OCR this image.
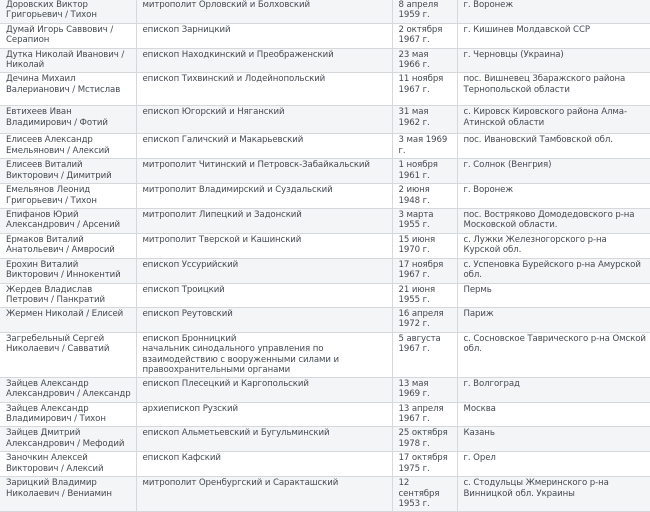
Доровских Виктор Григорьевич / Тихон	митрополит Орловский и Болховский	8 апреля 1959 г.	г. Воронеж

Думай Игорь Саввович / Серапион	епископ Зарницкий	2 октября 1967 г.	г. Кишинев Молдавской ССР

Дутка Николай Иванович / Николай	епископ Находкинский и Преображенский	23 мая 1966 г.	г. Черновцы (Украина)

Дечина Михаил Валерианович / Мстислав	епископ Тихвинский и Лодейнопольский	11 ноября 1967 г.	пос. Вишневец Збаражского района Тернопольской области

Евтихеев Иван Владимирович / Фотий	епископ Югорский и Няганский	31 мая 1962 г.	с. Кировск Кировского района Алма-Атинской области

Елисеев Александр Емельянович / Алексий	епископ Галичский и Макарьевский	3 мая 1969 г.	пос. Ивановский Тамбовской обл.

Елисеев Виталий Викторович / Димитрий	митрополит Читинский и Петровск-Забайкальский	1 ноября 1961 г.	г. Солнок (Венгрия)

Емельянов Леонид Григорьевич / Тихон	митрополит Владимирский и Суздальский	2 июня 1948 г.	г. Воронеж

Епифанов Юрий Александрович / Арсений	митрополит Липецкий и Задонский	3 марта 1955 г.	пос. Востряково Домодедовского р-на Московской области.

Ермаков Виталий Анатольевич / Амвросий	митрополит Тверской и Кашинский	15 июня 1970 г.	с. Лужки Железногорского р-на Курской обл.

Ерохин Виталий Викторович / Иннокентий	епископ Уссурийский	17 ноября 1967 г.	с. Успеновка Бурейского р-на Амурской обл.

Жердев Владислав Петрович / Панкратий	епископ Троицкий	21 июня 1955 г.	Пермь

Жермен Николай / Елисей	епископ Реутовский	16 апреля 1972 г.	Париж

Загребельный Сергей Николаевич / Савватий	епископ Бронницкий
начальник синодального управления по взаимодействию с вооруженными силами и правоохранительными органами	5 августа 1967 г.	с. Сосновское Таврического р-на Омской обл.

Зайцев Александр Александрович / Александр	епископ Плесецкий и Каргопольский	13 мая 1969 г.	г. Волгоград

Зайцев Александр Владимирович / Тихон	архиепископ Рузский	13 апреля 1967 г.	Москва

Зайцев Дмитрий Александрович / Мефодий	епископ Альметьевский и Бугульминский	25 октября 1978 г.	Казань

Заночкин Алексей Викторович / Алексий	епископ Кафский	17 октября 1975 г.	г. Орел

Зарицкий Владимир Николаевич / Вениамин	митрополит Оренбургский и Саракташский	12 сентября 1953 г.	с. Стодульцы Жмеринского р-на Винницкой обл. Украины
